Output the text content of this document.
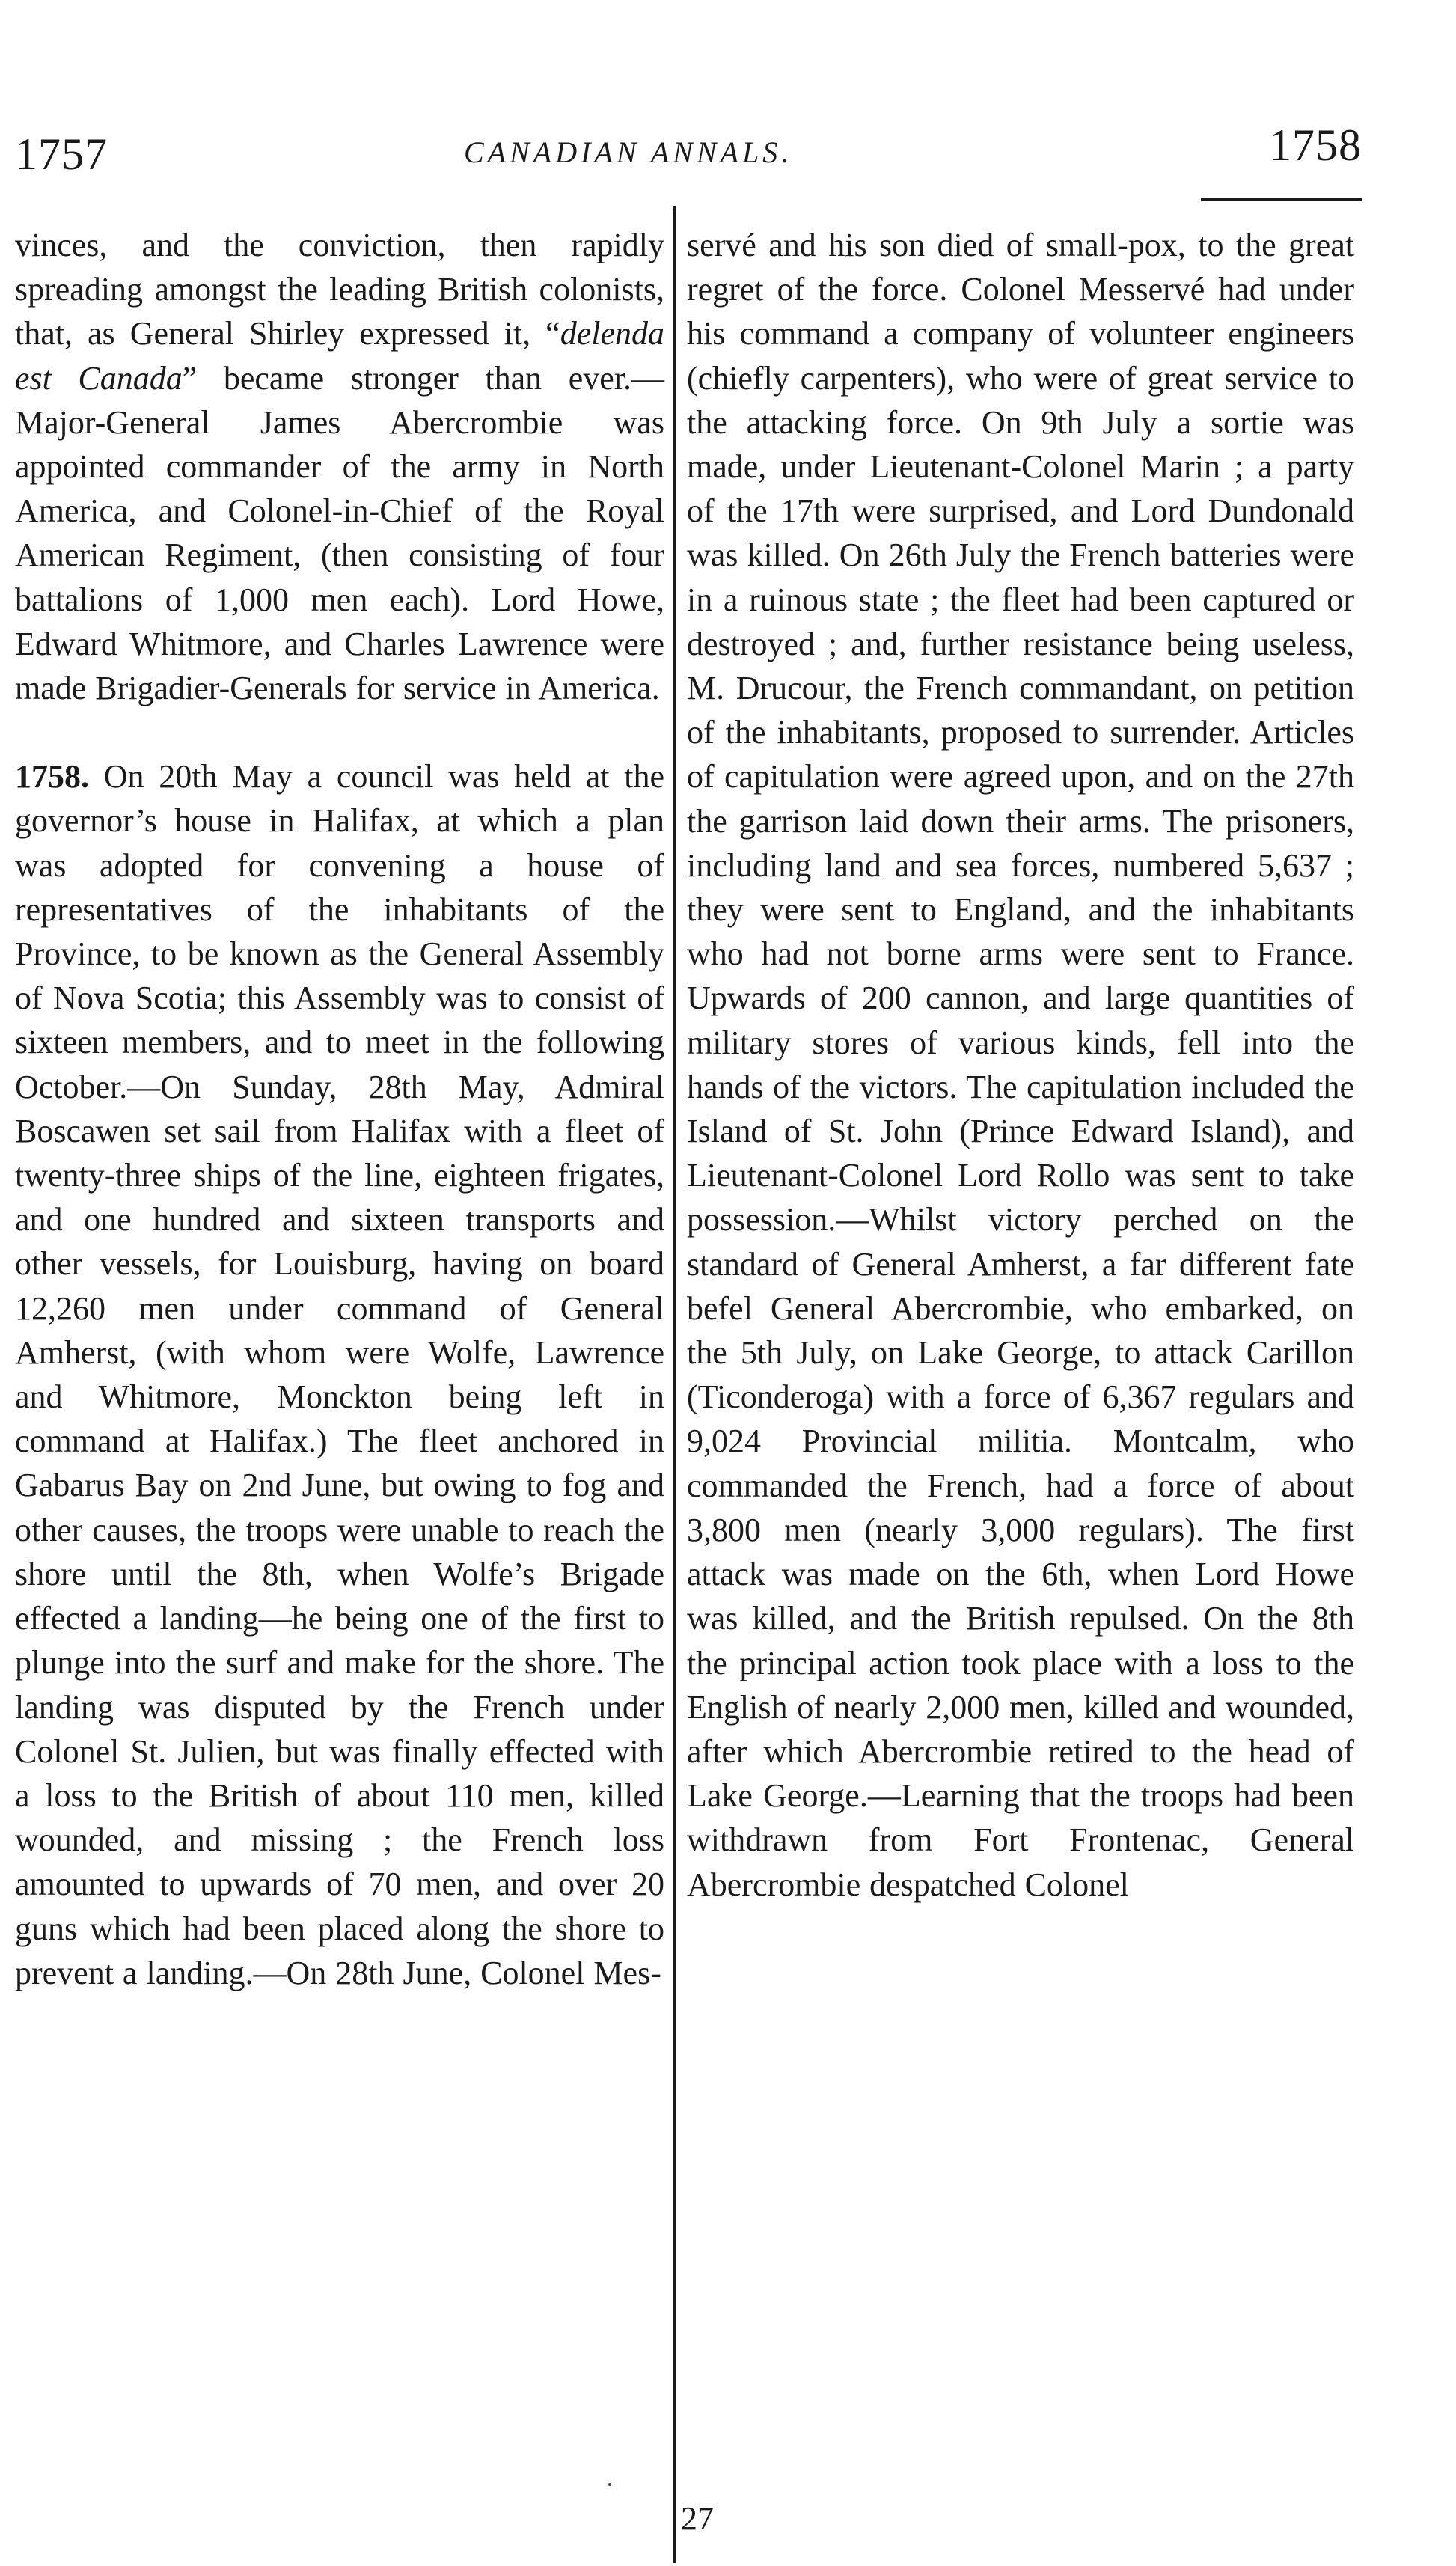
1757	CANADIAN ANNALS.	1758

vinces, and the conviction, then rapidly spreading amongst the leading British colonists, that, as General Shirley expressed it, “delenda est Canada” became stronger than ever.—Major-General James Abercrombie was appointed commander of the army in North America, and Colonel-in-Chief of the Royal American Regiment, (then consisting of four battalions of 1,000 men each). Lord Howe, Edward Whitmore, and Charles Lawrence were made Brigadier-Generals for service in America.

1758. On 20th May a council was held at the governor’s house in Halifax, at which a plan was adopted for convening a house of representatives of the inhabitants of the Province, to be known as the General Assembly of Nova Scotia; this Assembly was to consist of sixteen members, and to meet in the following October.—On Sunday, 28th May, Admiral Boscawen set sail from Halifax with a fleet of twenty-three ships of the line, eighteen frigates, and one hundred and sixteen transports and other vessels, for Louisburg, having on board 12,260 men under command of General Amherst, (with whom were Wolfe, Lawrence and Whitmore, Monckton being left in command at Halifax.) The fleet anchored in Gabarus Bay on 2nd June, but owing to fog and other causes, the troops were unable to reach the shore until the 8th, when Wolfe’s Brigade effected a landing—he being one of the first to plunge into the surf and make for the shore. The landing was disputed by the French under Colonel St. Julien, but was finally effected with a loss to the British of about 110 men, killed wounded, and missing ; the French loss amounted to upwards of 70 men, and over 20 guns which had been placed along the shore to prevent a landing.—On 28th June, Colonel Mes-

servé and his son died of small-pox, to the great regret of the force. Colonel Messervé had under his command a company of volunteer engineers (chiefly carpenters), who were of great service to the attacking force. On 9th July a sortie was made, under Lieutenant-Colonel Marin ; a party of the 17th were surprised, and Lord Dundonald was killed. On 26th July the French batteries were in a ruinous state ; the fleet had been captured or destroyed ; and, further resistance being useless, M. Drucour, the French commandant, on petition of the inhabitants, proposed to surrender. Articles of capitulation were agreed upon, and on the 27th the garrison laid down their arms. The prisoners, including land and sea forces, numbered 5,637 ; they were sent to England, and the inhabitants who had not borne arms were sent to France. Upwards of 200 cannon, and large quantities of military stores of various kinds, fell into the hands of the victors. The capitulation included the Island of St. John (Prince Edward Island), and Lieutenant-Colonel Lord Rollo was sent to take possession.—Whilst victory perched on the standard of General Amherst, a far different fate befel General Abercrombie, who embarked, on the 5th July, on Lake George, to attack Carillon (Ticonderoga) with a force of 6,367 regulars and 9,024 Provincial militia. Montcalm, who commanded the French, had a force of about 3,800 men (nearly 3,000 regulars). The first attack was made on the 6th, when Lord Howe was killed, and the British repulsed. On the 8th the principal action took place with a loss to the English of nearly 2,000 men, killed and wounded, after which Abercrombie retired to the head of Lake George.—Learning that the troops had been withdrawn from Fort Frontenac, General Abercrombie despatched Colonel

27
